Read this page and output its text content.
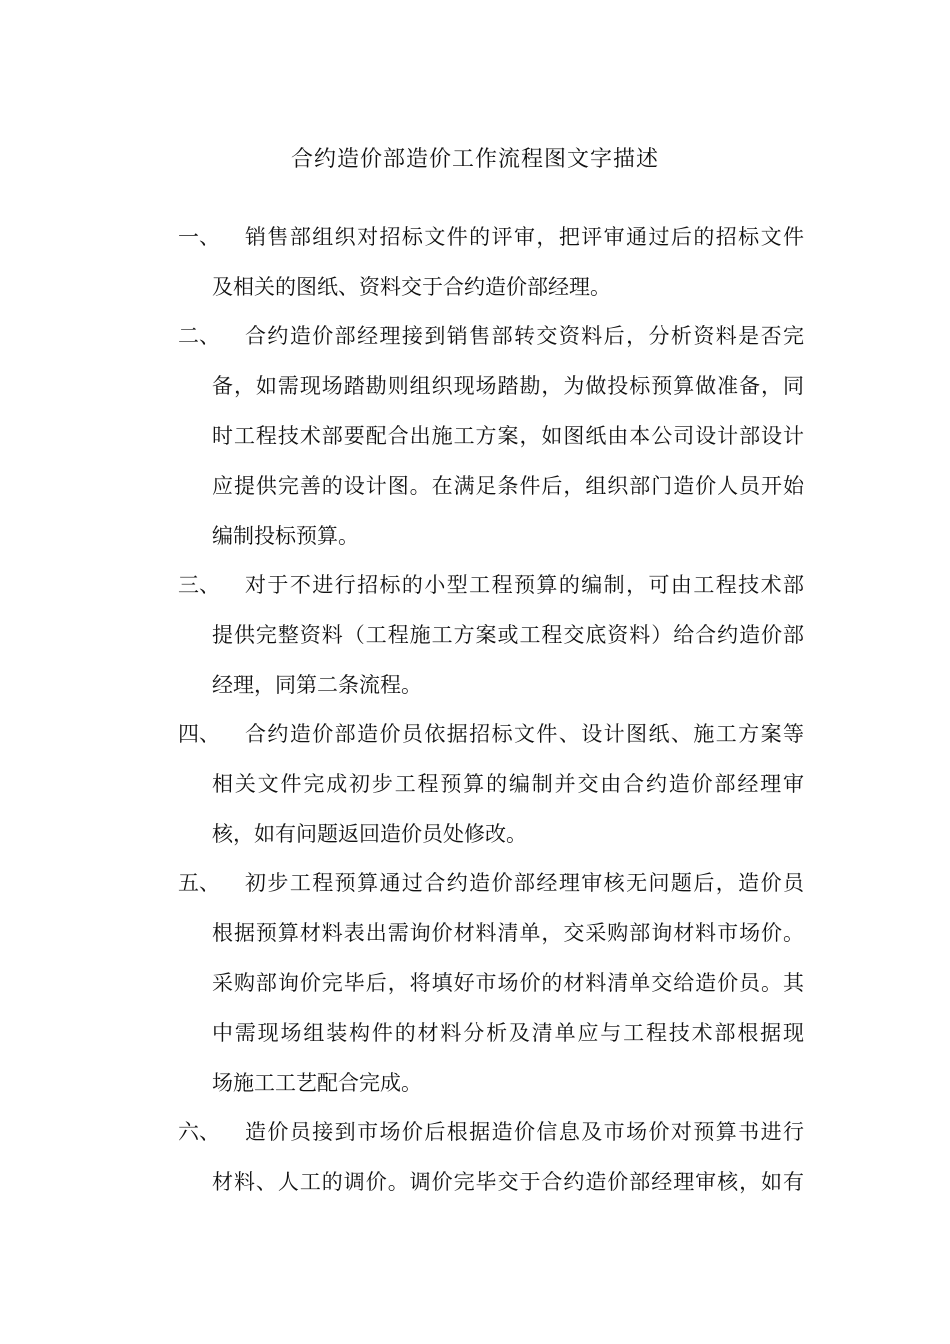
合约造价部造价工作流程图文字描述
一、 销售部组织对招标文件的评审，把评审通过后的招标文件
及相关的图纸、资料交于合约造价部经理。
二、 合约造价部经理接到销售部转交资料后，分析资料是否完
备，如需现场踏勘则组织现场踏勘，为做投标预算做准备，同
时工程技术部要配合出施工方案，如图纸由本公司设计部设计
应提供完善的设计图。在满足条件后，组织部门造价人员开始
编制投标预算。
三、 对于不进行招标的小型工程预算的编制，可由工程技术部
提供完整资料（工程施工方案或工程交底资料）给合约造价部
经理，同第二条流程。
四、 合约造价部造价员依据招标文件、设计图纸、施工方案等
相关文件完成初步工程预算的编制并交由合约造价部经理审
核，如有问题返回造价员处修改。
五、 初步工程预算通过合约造价部经理审核无问题后，造价员
根据预算材料表出需询价材料清单，交采购部询材料市场价。
采购部询价完毕后，将填好市场价的材料清单交给造价员。其
中需现场组装构件的材料分析及清单应与工程技术部根据现
场施工工艺配合完成。
六、 造价员接到市场价后根据造价信息及市场价对预算书进行
材料、人工的调价。调价完毕交于合约造价部经理审核，如有
